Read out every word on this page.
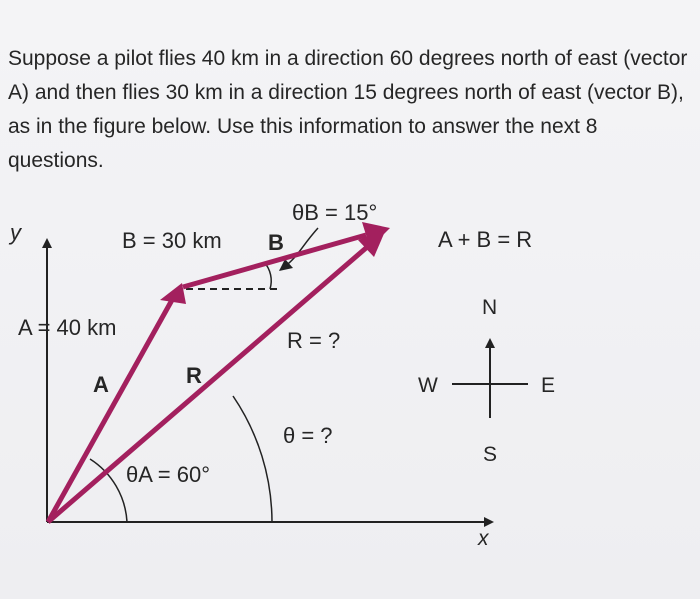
Suppose a pilot flies 40 km in a direction 60 degrees north of east (vector A) and then flies 30 km in a direction 15 degrees north of east (vector B), as in the figure below. Use this information to answer the next 8 questions.

y	B = 30 km B
θB = 15°
A + B = R
A = 40 km
A	R
R = ?
θ = ?
θA = 60°
N
W	E
S
x
